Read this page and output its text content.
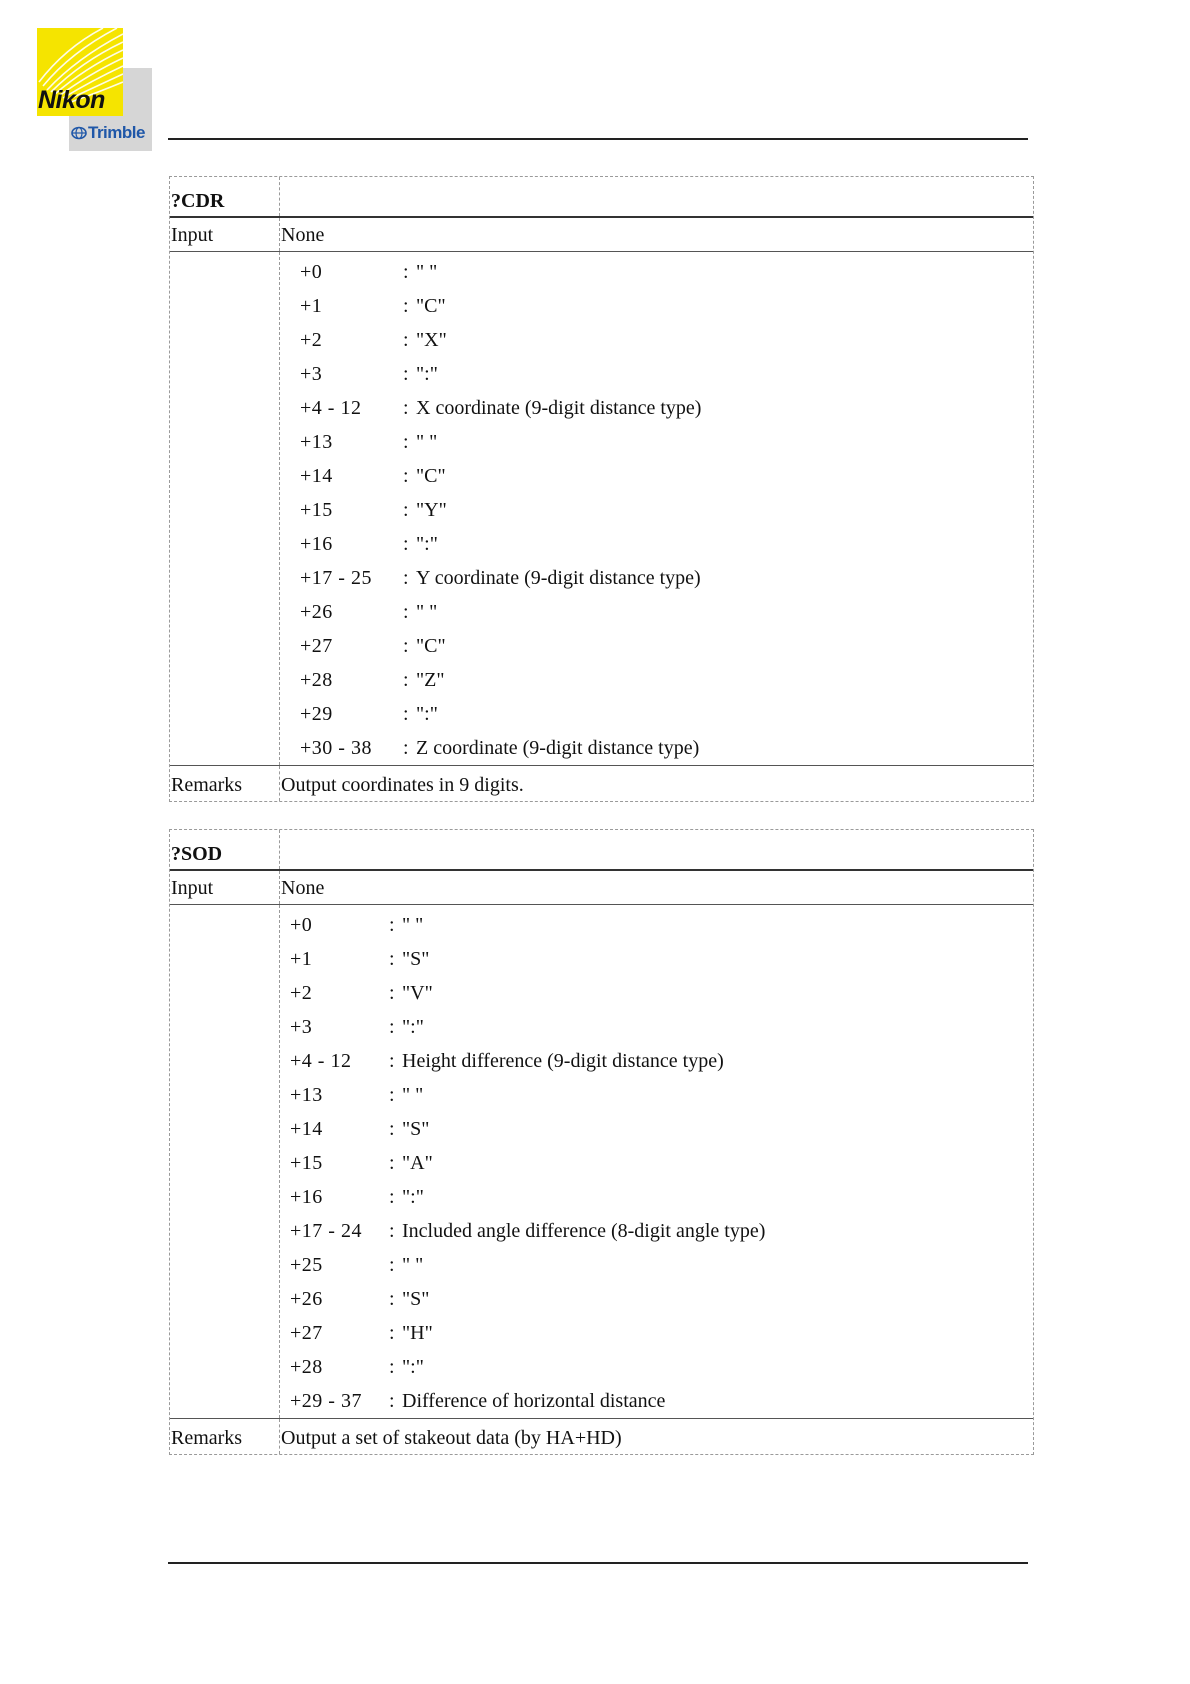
Nikon
Trimble
?CDR
Input	None
+0	: " "
+1	: "C"
+2	: "X"
+3	: ":"
+4 - 12 : X coordinate (9-digit distance type)
+13	: " "
+14	: "C"
+15	: "Y"
+16	: ":"
+17 - 25 : Y coordinate (9-digit distance type)
+26	: " "
+27	: "C"
+28	: "Z"
+29	: ":"
+30 - 38 : Z coordinate (9-digit distance type)
Remarks	Output coordinates in 9 digits.
?SOD
Input	None
+0	: " "
+1	: "S"
+2	: "V"
+3	: ":"
+4 - 12 : Height difference (9-digit distance type)
+13	: " "
+14	: "S"
+15	: "A"
+16	: ":"
+17 - 24 : Included angle difference (8-digit angle type)
+25	: " "
+26	: "S"
+27	: "H"
+28	: ":"
+29 - 37 : Difference of horizontal distance
Remarks	Output a set of stakeout data (by HA+HD)
